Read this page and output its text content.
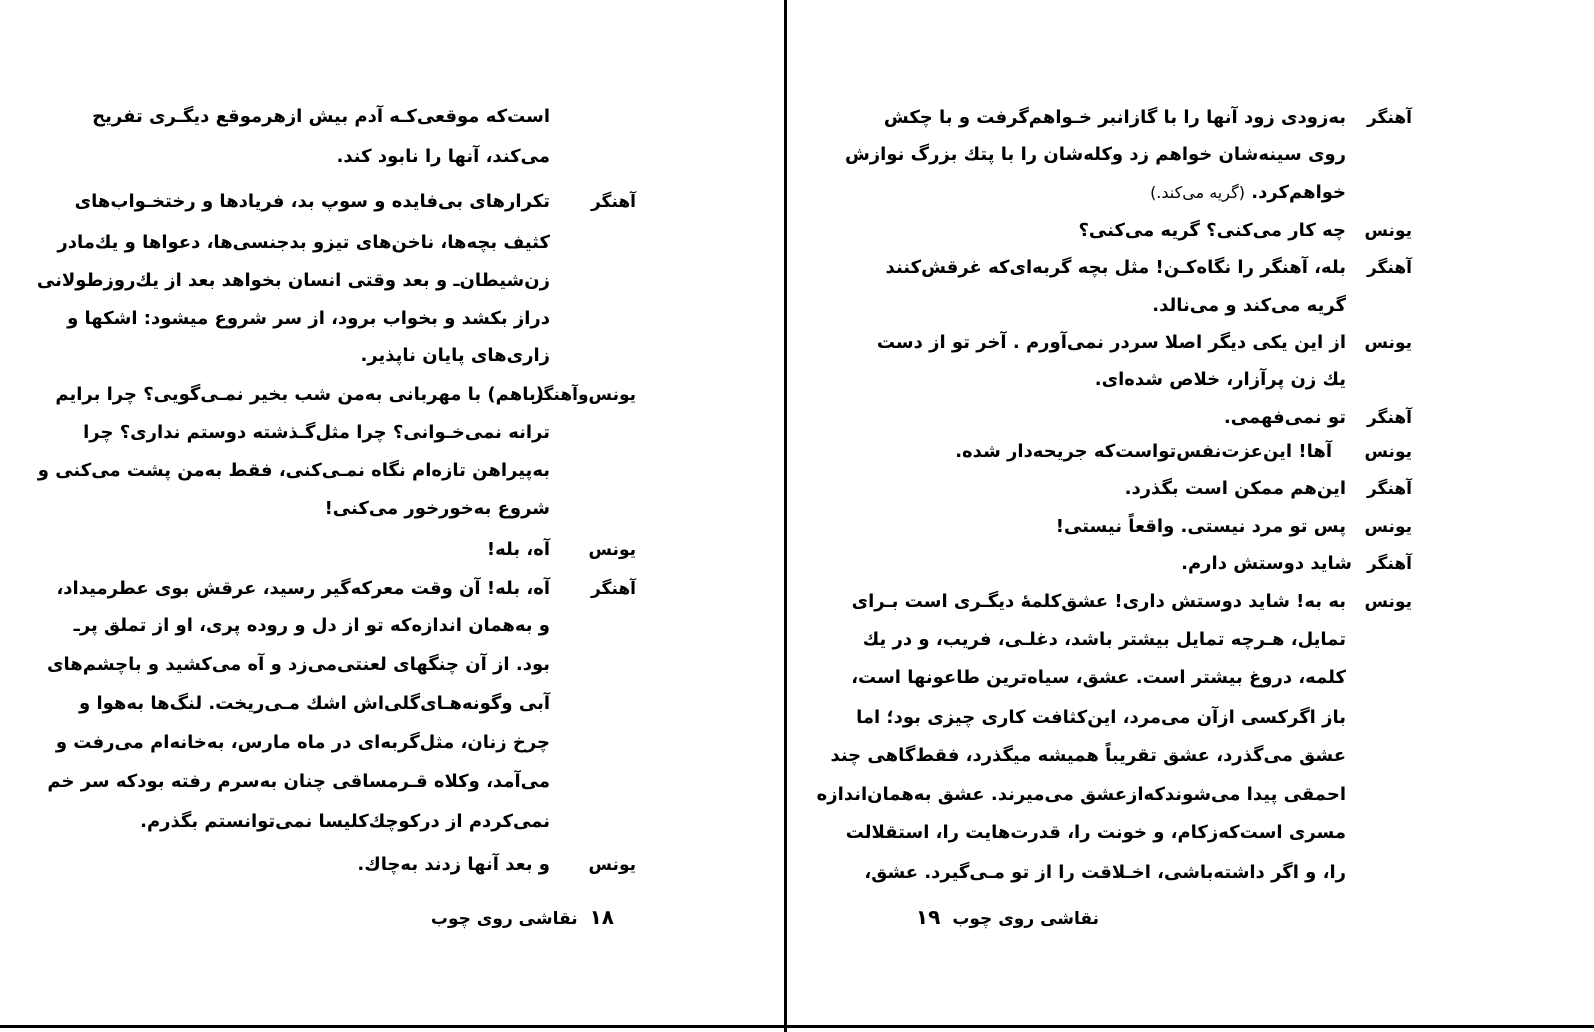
است‌که موقعی‌کـه آدم بیش ازهرموقع دیگـری تفریح
می‌کند، آنها را نابود کند.
آهنگر
تکرارهای بی‌فایده و سوپ بد، فریادها و رختخـواب‌های
کثیف بچه‌ها، ناخن‌های تیزو بدجنسی‌ها، دعواها و یك‌مادر
زن‌شیطان‌ـ و بعد وقتی انسان بخواهد بعد از یك‌روزطولانی
دراز بکشد و بخواب برود، از سر شروع میشود: اشکها و
زاری‌های پایان ناپذیر.
یونس‌وآهنگر
(باهم) با مهربانی به‌من شب بخیر نمـی‌گویی؟ چرا برایم
ترانه نمی‌خـوانی؟ چرا مثل‌گـذشته دوستم نداری؟ چرا
به‌پیراهن تازه‌ام نگاه نمـی‌کنی، فقط به‌من پشت می‌کنی و
شروع به‌خورخور می‌کنی!
یونس
آه، بله!
آهنگر
آه، بله! آن وقت معرکه‌گیر رسید، عرقش بوی عطرمیداد،
و به‌همان اندازه‌که تو از دل و روده پری، او از تملق پر‌ـ
بود. از آن چنگهای لعنتی‌می‌زد و آه می‌کشید و باچشم‌های
آبی وگونه‌هـای‌گلی‌اش اشك مـی‌ریخت. لنگ‌ها به‌هوا و
چرخ زنان، مثل‌گربه‌ای در ماه مارس، به‌خانه‌ام می‌رفت و
می‌آمد، وکلاه قـرمساقی چنان به‌سرم رفته بودکه سر خم
نمی‌کردم از درکوچك‌کلیسا نمی‌توانستم بگذرم.
یونس
و بعد آنها زدند به‌چاك.
۱۸نقاشی روی چوب
آهنگر
به‌زودی زود آنها را با گازانبر خـواهم‌گرفت و با چکش
روی سینه‌شان خواهم زد وکله‌شان را با پتك بزرگ نوازش
خواهم‌کرد. (گریه می‌کند.)
یونس
چه کار می‌کنی؟ گریه می‌کنی؟
آهنگر
بله، آهنگر را نگاه‌کـن! مثل بچه گربه‌ای‌که غرقش‌کنند
گریه می‌کند و می‌نالد.
یونس
از این یکی دیگر اصلا سردر نمی‌آورم . آخر تو از دست
یك زن پرآزار، خلاص شده‌ای.
آهنگر
تو نمی‌فهمی.
یونس
آها! این‌عزت‌نفس‌تواست‌که جریحه‌دار شده.
آهنگر
این‌هم ممکن است بگذرد.
یونس
پس تو مرد نیستی. واقعاً نیستی!
آهنگر
شاید دوستش دارم.
یونس
به به! شاید دوستش داری! عشق‌کلمهٔ دیگـری است بـرای
تمایل، هـرچه تمایل بیشتر باشد، دغلـی، فریب، و در یك
کلمه، دروغ بیشتر است. عشق، سیاه‌ترین طاعونها است،
باز اگرکسی ازآن می‌مرد، این‌کثافت کاری چیزی بود؛ اما
عشق می‌گذرد، عشق تقریباً همیشه میگذرد، فقط‌گاهی چند
احمقی پیدا می‌شوندکه‌ازعشق می‌میرند. عشق به‌همان‌اندازه
مسری است‌که‌زکام، و خونت را، قدرت‌هایت را، استقلالت
را، و اگر داشته‌باشی، اخـلاقت را از تو مـی‌گیرد. عشق،
نقاشی روی چوب۱۹
